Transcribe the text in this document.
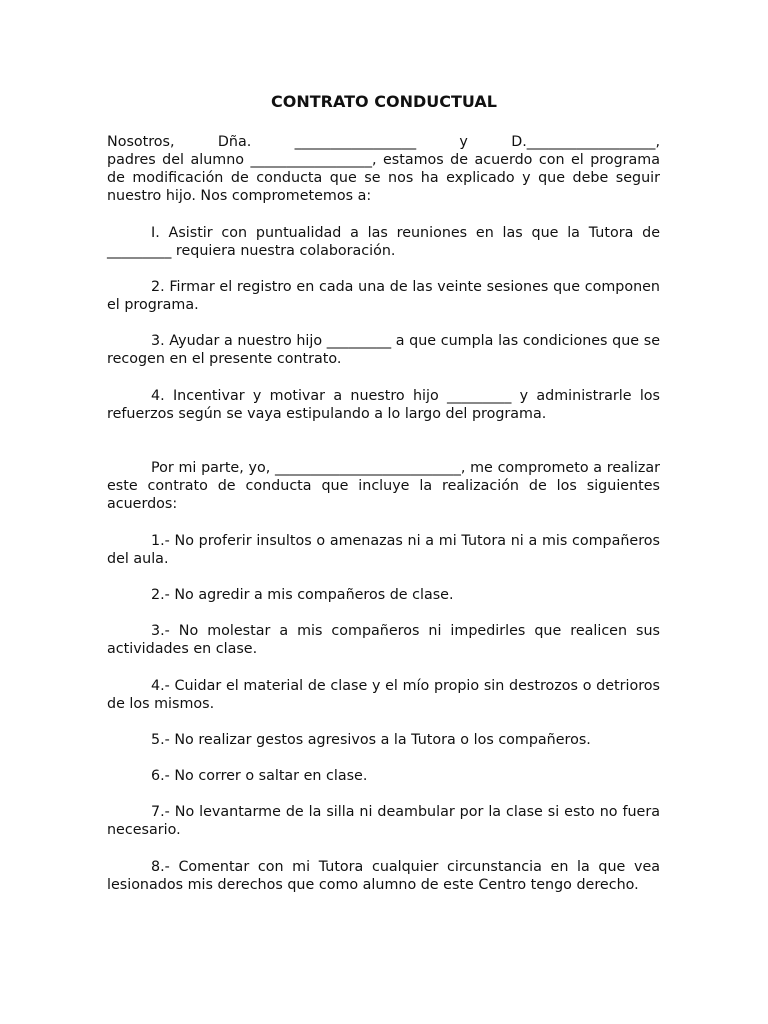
CONTRATO CONDUCTUAL

Nosotros, Dña. _________________ y D.__________________,

padres del alumno _________________, estamos de acuerdo con el programa de modificación de conducta que se nos ha explicado y que debe seguir nuestro hijo. Nos comprometemos a:

I. Asistir con puntualidad a las reuniones en las que la Tutora de _________ requiera nuestra colaboración.

2. Firmar el registro en cada una de las veinte sesiones que componen el programa.

3. Ayudar a nuestro hijo _________ a que cumpla las condiciones que se recogen en el presente contrato.

4. Incentivar y motivar a nuestro hijo _________ y administrarle los refuerzos según se vaya estipulando a lo largo del programa.

Por mi parte, yo, __________________________, me comprometo a realizar este contrato de conducta que incluye la realización de los siguientes acuerdos:

1.- No proferir insultos o amenazas ni a mi Tutora ni a mis compañeros del aula.

2.- No agredir a mis compañeros de clase.

3.- No molestar a mis compañeros ni impedirles que realicen sus actividades en clase.

4.- Cuidar el material de clase y el mío propio sin destrozos o detrioros de los mismos.

5.- No realizar gestos agresivos a la Tutora o los compañeros.

6.- No correr o saltar en clase.

7.- No levantarme de la silla ni deambular por la clase si esto no fuera necesario.

8.- Comentar con mi Tutora cualquier circunstancia en la que vea lesionados mis derechos que como alumno de este Centro tengo derecho.
